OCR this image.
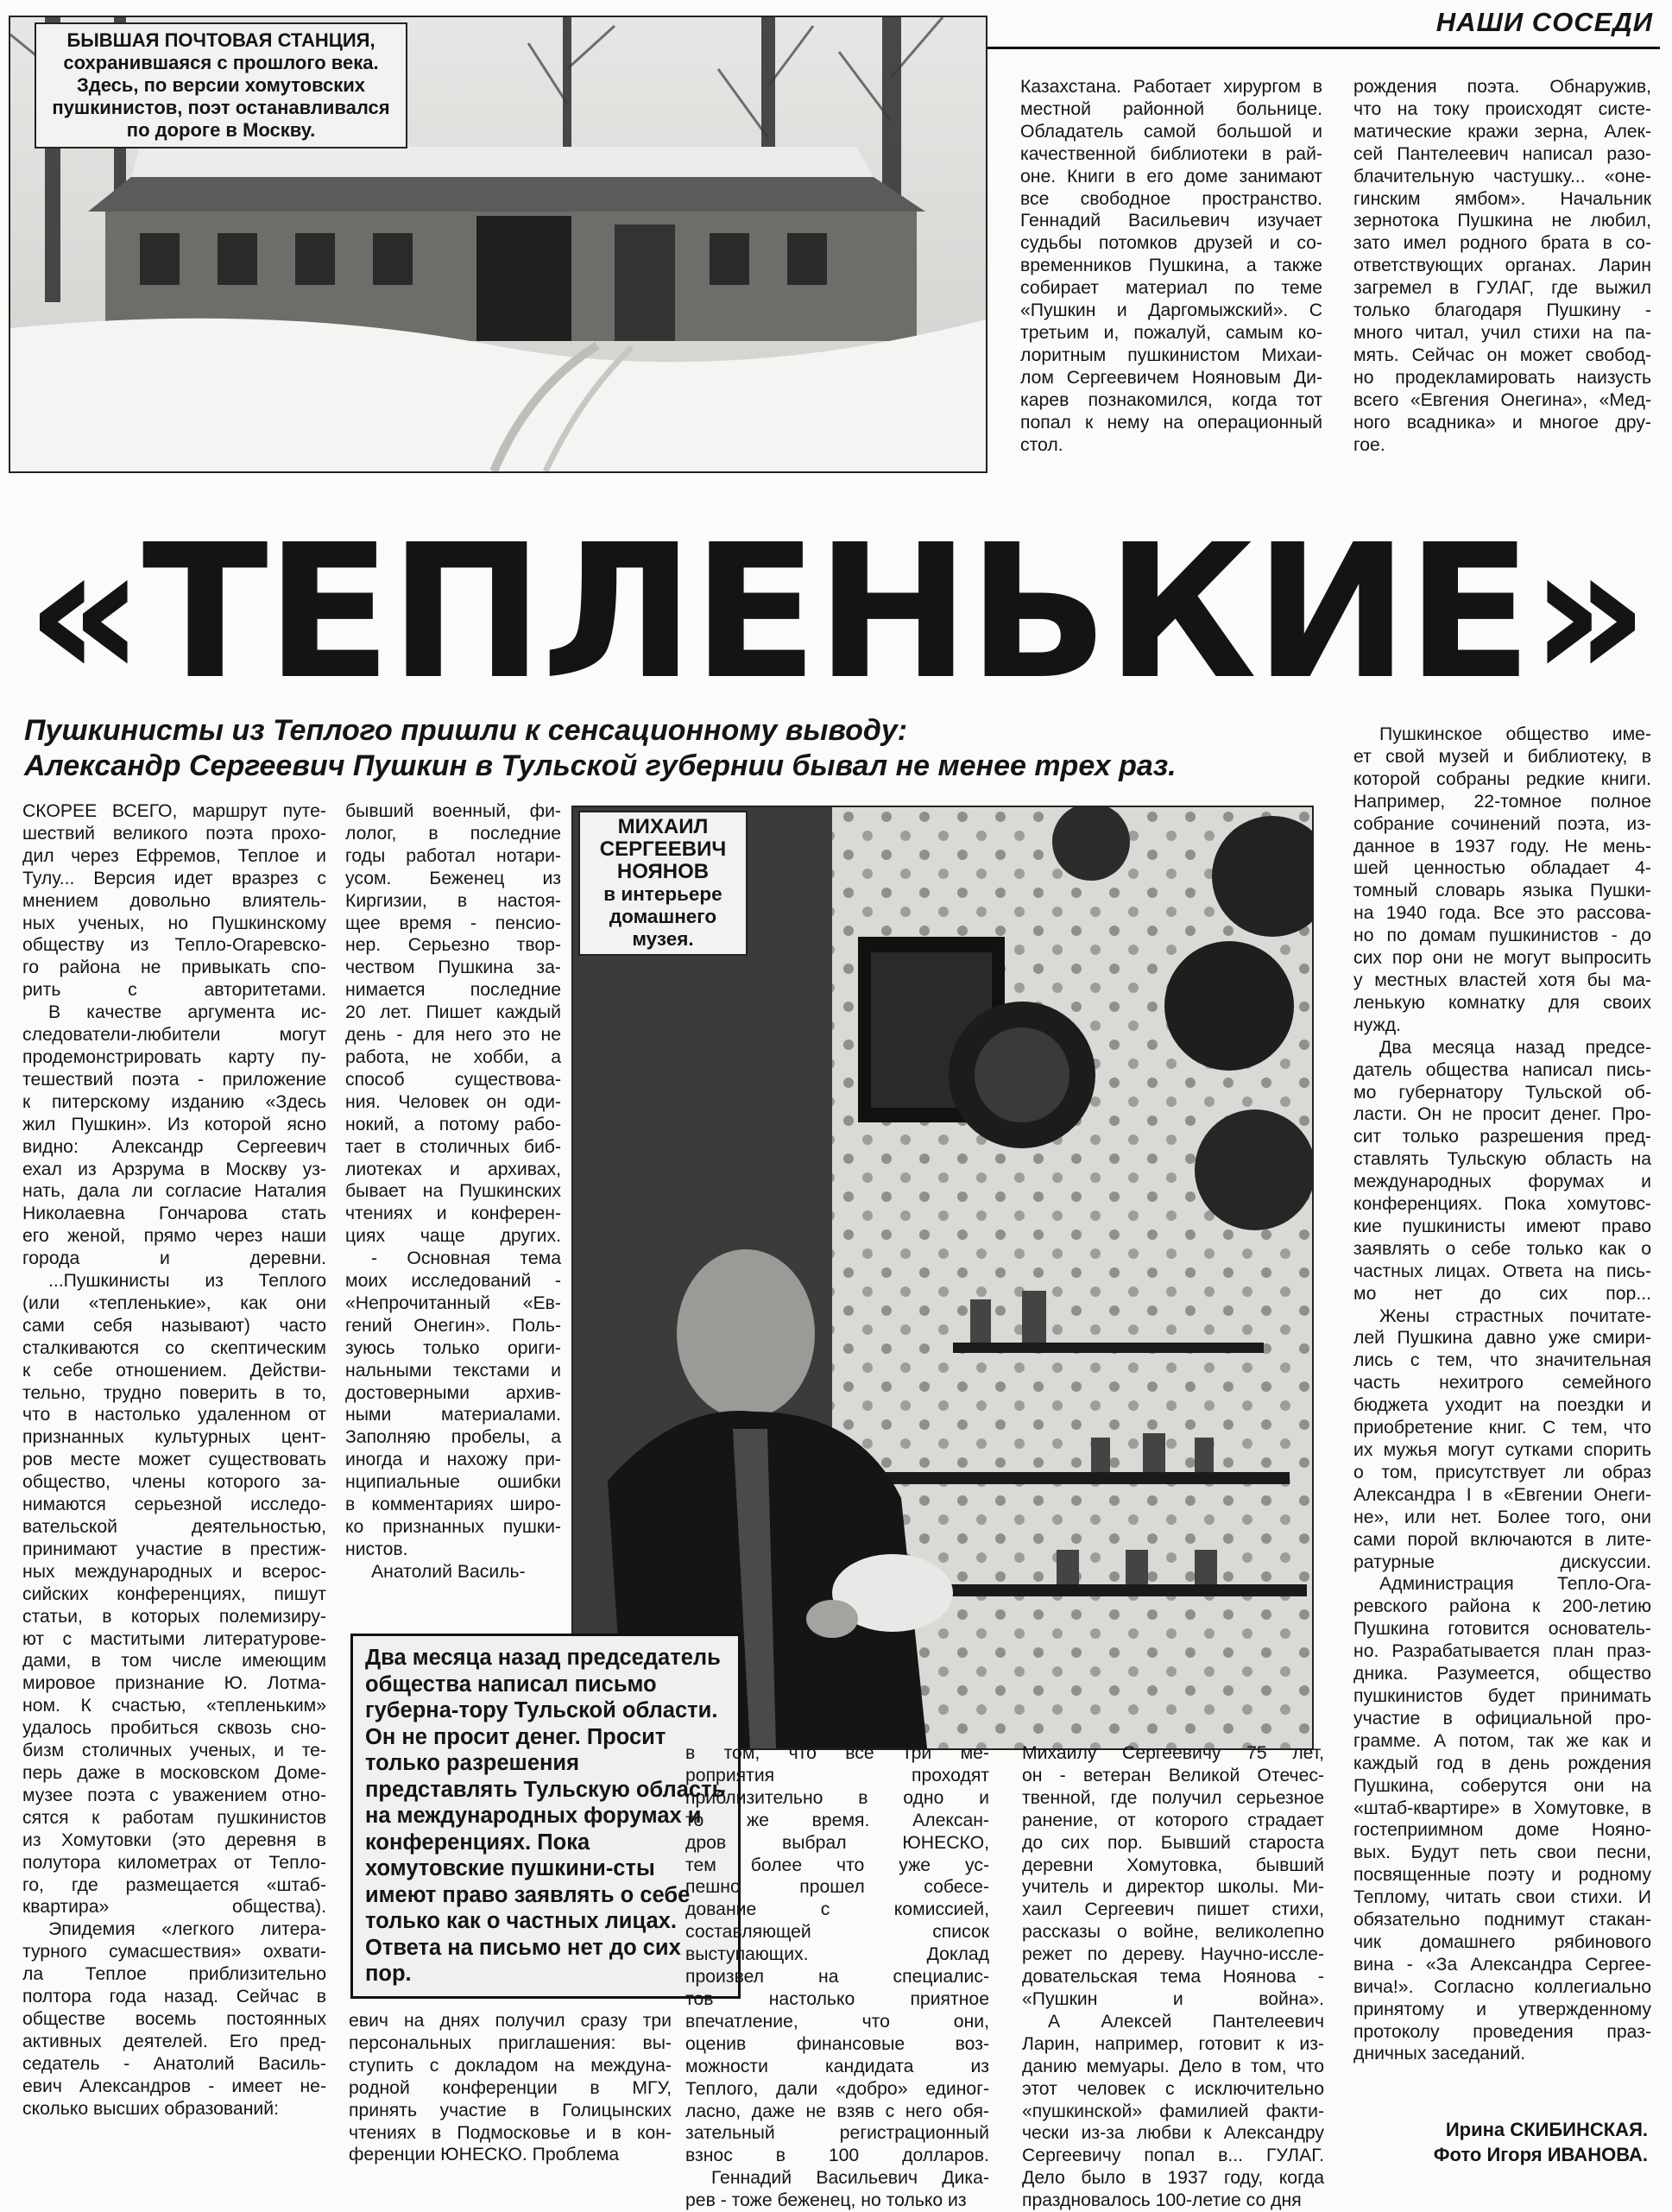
НАШИ СОСЕДИ
БЫВШАЯ ПОЧТОВАЯ СТАНЦИЯ,
сохранившаяся с прошлого века.
Здесь, по версии хомутовских
пушкинистов, поэт останавливался
по дороге в Москву.

Казахстана. Работает хирургом в

местной районной больнице.

Обладатель самой большой и

качественной библиотеки в рай-

оне. Книги в его доме занимают

все свободное пространство.

Геннадий Васильевич изучает

судьбы потомков друзей и со-

временников Пушкина, а также

собирает материал по теме

«Пушкин и Даргомыжский». С

третьим и, пожалуй, самым ко-

лоритным пушкинистом Михаи-

лом Сергеевичем Нояновым Ди-

карев познакомился, когда тот

попал к нему на операционный

стол.

рождения поэта. Обнаружив,

что на току происходят систе-

матические кражи зерна, Алек-

сей Пантелеевич написал разо-

блачительную частушку... «оне-

гинским ямбом». Начальник

зернотока Пушкина не любил,

зато имел родного брата в со-

ответствующих органах. Ларин

загремел в ГУЛАГ, где выжил

только благодаря Пушкину -

много читал, учил стихи на па-

мять. Сейчас он может свобод-

но продекламировать наизусть

всего «Евгения Онегина», «Мед-

ного всадника» и многое дру-

гое.

«ТЕПЛЕНЬКИЕ»
Пушкинисты из Теплого пришли к сенсационному выводу:
Александр Сергеевич Пушкин в Тульской губернии бывал не менее трех раз.

СКОРЕЕ ВСЕГО, маршрут путе-

шествий великого поэта прохо-

дил через Ефремов, Теплое и

Тулу... Версия идет вразрез с

мнением довольно влиятель-

ных ученых, но Пушкинскому

обществу из Тепло-Огаревско-

го района не привыкать спо-

рить с авторитетами.

В качестве аргумента ис-

следователи-любители могут

продемонстрировать карту пу-

тешествий поэта - приложение

к питерскому изданию «Здесь

жил Пушкин». Из которой ясно

видно: Александр Сергеевич

ехал из Арзрума в Москву уз-

нать, дала ли согласие Наталия

Николаевна Гончарова стать

его женой, прямо через наши

города и деревни.

...Пушкинисты из Теплого

(или «тепленькие», как они

сами себя называют) часто

сталкиваются со скептическим

к себе отношением. Действи-

тельно, трудно поверить в то,

что в настолько удаленном от

признанных культурных цент-

ров месте может существовать

общество, члены которого за-

нимаются серьезной исследо-

вательской деятельностью,

принимают участие в престиж-

ных международных и всерос-

сийских конференциях, пишут

статьи, в которых полемизиру-

ют с маститыми литературове-

дами, в том числе имеющим

мировое признание Ю. Лотма-

ном. К счастью, «тепленьким»

удалось пробиться сквозь сно-

бизм столичных ученых, и те-

перь даже в московском Доме-

музее поэта с уважением отно-

сятся к работам пушкинистов

из Хомутовки (это деревня в

полутора километрах от Тепло-

го, где размещается «штаб-

квартира» общества).

Эпидемия «легкого литера-

турного сумасшествия» охвати-

ла Теплое приблизительно

полтора года назад. Сейчас в

обществе восемь постоянных

активных деятелей. Его пред-

седатель - Анатолий Василь-

евич Александров - имеет не-

сколько высших образований:

бывший военный, фи-

лолог, в последние

годы работал нотари-

усом. Беженец из

Киргизии, в настоя-

щее время - пенсио-

нер. Серьезно твор-

чеством Пушкина за-

нимается последние

20 лет. Пишет каждый

день - для него это не

работа, не хобби, а

способ существова-

ния. Человек он оди-

нокий, а потому рабо-

тает в столичных биб-

лиотеках и архивах,

бывает на Пушкинских

чтениях и конферен-

циях чаще других.

- Основная тема

моих исследований -

«Непрочитанный «Ев-

гений Онегин». Поль-

зуюсь только ориги-

нальными текстами и

достоверными архив-

ными материалами.

Заполняю пробелы, а

иногда и нахожу при-

нципиальные ошибки

в комментариях широ-

ко признанных пушки-

нистов.

Анатолий Василь-

МИХАИЛ
СЕРГЕЕВИЧ
НОЯНОВ
в интерьере
домашнего
музея.
Два месяца назад председатель общества написал письмо губерна-тору Тульской области. Он не просит денег. Просит только разрешения представлять Тульскую область на международных форумах и конференциях. Пока хомутовские пушкини-сты имеют право заявлять о себе только как о частных лицах. Ответа на письмо нет до сих пор.

евич на днях получил сразу три

персональных приглашения: вы-

ступить с докладом на междуна-

родной конференции в МГУ,

принять участие в Голицынских

чтениях в Подмосковье и в кон-

ференции ЮНЕСКО. Проблема

в том, что все три ме-

роприятия проходят

приблизительно в одно и

то же время. Алексан-

дров выбрал ЮНЕСКО,

тем более что уже ус-

пешно прошел собесе-

дование с комиссией,

составляющей список

выступающих. Доклад

произвел на специалис-

тов настолько приятное

впечатление, что они,

оценив финансовые воз-

можности кандидата из

Теплого, дали «добро» единог-

ласно, даже не взяв с него обя-

зательный регистрационный

взнос в 100 долларов.

Геннадий Васильевич Дика-

рев - тоже беженец, но только из

Михаилу Сергеевичу 75 лет,

он - ветеран Великой Отечес-

твенной, где получил серьезное

ранение, от которого страдает

до сих пор. Бывший староста

деревни Хомутовка, бывший

учитель и директор школы. Ми-

хаил Сергеевич пишет стихи,

рассказы о войне, великолепно

режет по дереву. Научно-иссле-

довательская тема Ноянова -

«Пушкин и война».

А Алексей Пантелеевич

Ларин, например, готовит к из-

данию мемуары. Дело в том, что

этот человек с исключительно

«пушкинской» фамилией факти-

чески из-за любви к Александру

Сергеевичу попал в... ГУЛАГ.

Дело было в 1937 году, когда

праздновалось 100-летие со дня

Пушкинское общество име-

ет свой музей и библиотеку, в

которой собраны редкие книги.

Например, 22-томное полное

собрание сочинений поэта, из-

данное в 1937 году. Не мень-

шей ценностью обладает 4-

томный словарь языка Пушки-

на 1940 года. Все это рассова-

но по домам пушкинистов - до

сих пор они не могут выпросить

у местных властей хотя бы ма-

ленькую комнатку для своих

нужд.

Два месяца назад предсе-

датель общества написал пись-

мо губернатору Тульской об-

ласти. Он не просит денег. Про-

сит только разрешения пред-

ставлять Тульскую область на

международных форумах и

конференциях. Пока хомутовс-

кие пушкинисты имеют право

заявлять о себе только как о

частных лицах. Ответа на пись-

мо нет до сих пор...

Жены страстных почитате-

лей Пушкина давно уже смири-

лись с тем, что значительная

часть нехитрого семейного

бюджета уходит на поездки и

приобретение книг. С тем, что

их мужья могут сутками спорить

о том, присутствует ли образ

Александра I в «Евгении Онеги-

не», или нет. Более того, они

сами порой включаются в лите-

ратурные дискуссии.

Администрация Тепло-Ога-

ревского района к 200-летию

Пушкина готовится основатель-

но. Разрабатывается план праз-

дника. Разумеется, общество

пушкинистов будет принимать

участие в официальной про-

грамме. А потом, так же как и

каждый год в день рождения

Пушкина, соберутся они на

«штаб-квартире» в Хомутовке, в

гостеприимном доме Нояно-

вых. Будут петь свои песни,

посвященные поэту и родному

Теплому, читать свои стихи. И

обязательно поднимут стакан-

чик домашнего рябинового

вина - «За Александра Сергее-

вича!». Согласно коллегиально

принятому и утвержденному

протоколу проведения праз-

дничных заседаний.

Ирина СКИБИНСКАЯ.
Фото Игоря ИВАНОВА.
